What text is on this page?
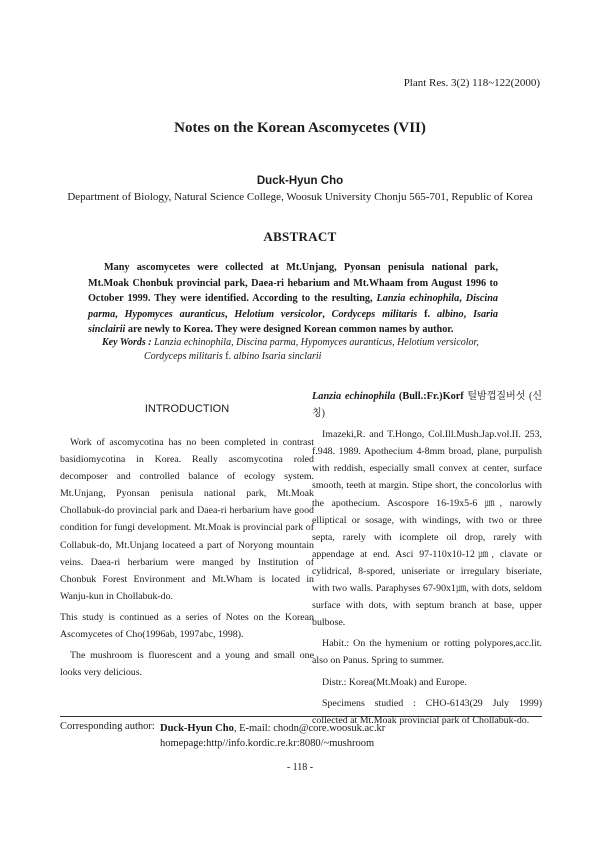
Plant Res. 3(2) 118~122(2000)
Notes on the Korean Ascomycetes (VII)
Duck-Hyun Cho
Department of Biology, Natural Science College, Woosuk University Chonju 565-701, Republic of Korea
ABSTRACT

Many ascomycetes were collected at Mt.Unjang, Pyonsan penisula national park, Mt.Moak Chonbuk provincial park, Daea-ri hebarium and Mt.Whaam from August 1996 to October 1999. They were identified. According to the resulting, Lanzia echinophila, Discina parma, Hypomyces auranticus, Helotium versicolor, Cordyceps militaris f. albino, Isaria sinclairii are newly to Korea. They were designed Korean common names by author.

Key Words : Lanzia echinophila, Discina parma, Hypomyces auranticus, Helotium versicolor,
Cordyceps militaris f. albino Isaria sinclarii
INTRODUCTION

Work of ascomycotina has no been completed in contrast basidiomycotina in Korea. Really ascomycotina roled decomposer and controlled balance of ecology system. Mt.Unjang, Pyonsan penisula national park, Mt.Moak Chollabuk-do provincial park and Daea-ri herbarium have good condition for fungi development. Mt.Moak is provincial park of Collabuk-do, Mt.Unjang locateed a part of Noryong mountain veins. Daea-ri herbarium were manged by Institution of Chonbuk Forest Environment and Mt.Wham is located in Wanju-kun in Chollabuk-do.

This study is continued as a series of Notes on the Korean Ascomycetes of Cho(1996ab, 1997abc, 1998).

The mushroom is fluorescent and a young and small one looks very delicious.

Lanzia echinophila (Bull.:Fr.)Korf 털밤껍질버섯 (신칭)

Imazeki,R. and T.Hongo, Col.Ill.Mush.Jap.vol.II. 253, f.948. 1989. Apothecium 4-8mm broad, plane, purpulish with reddish, especially small convex at center, surface smooth, teeth at margin. Stipe short, the concolorlus with the apothecium. Ascospore 16-19x5-6 ㎛, narowly elliptical or sosage, with windings, with two or three septa, rarely with icomplete oil drop, rarely with appendage at end. Asci 97-110x10-12㎛, clavate or cylidrical, 8-spored, uniseriate or irregulary biseriate, with two walls. Paraphyses 67-90x1㎛, with dots, seldom surface with dots, with septum branch at base, upper bulbose.

Habit.: On the hymenium or rotting polypores,acc.lit. also on Panus. Spring to summer.

Distr.: Korea(Mt.Moak) and Europe.

Specimens studied : CHO-6143(29 July 1999) collected at Mt.Moak provincial park of Chollabuk-do.

Corresponding author: Duck-Hyun Cho, E-mail: chodn@core.woosuk.ac.kr
homepage:http//info.kordic.re.kr:8080/~mushroom
- 118 -
